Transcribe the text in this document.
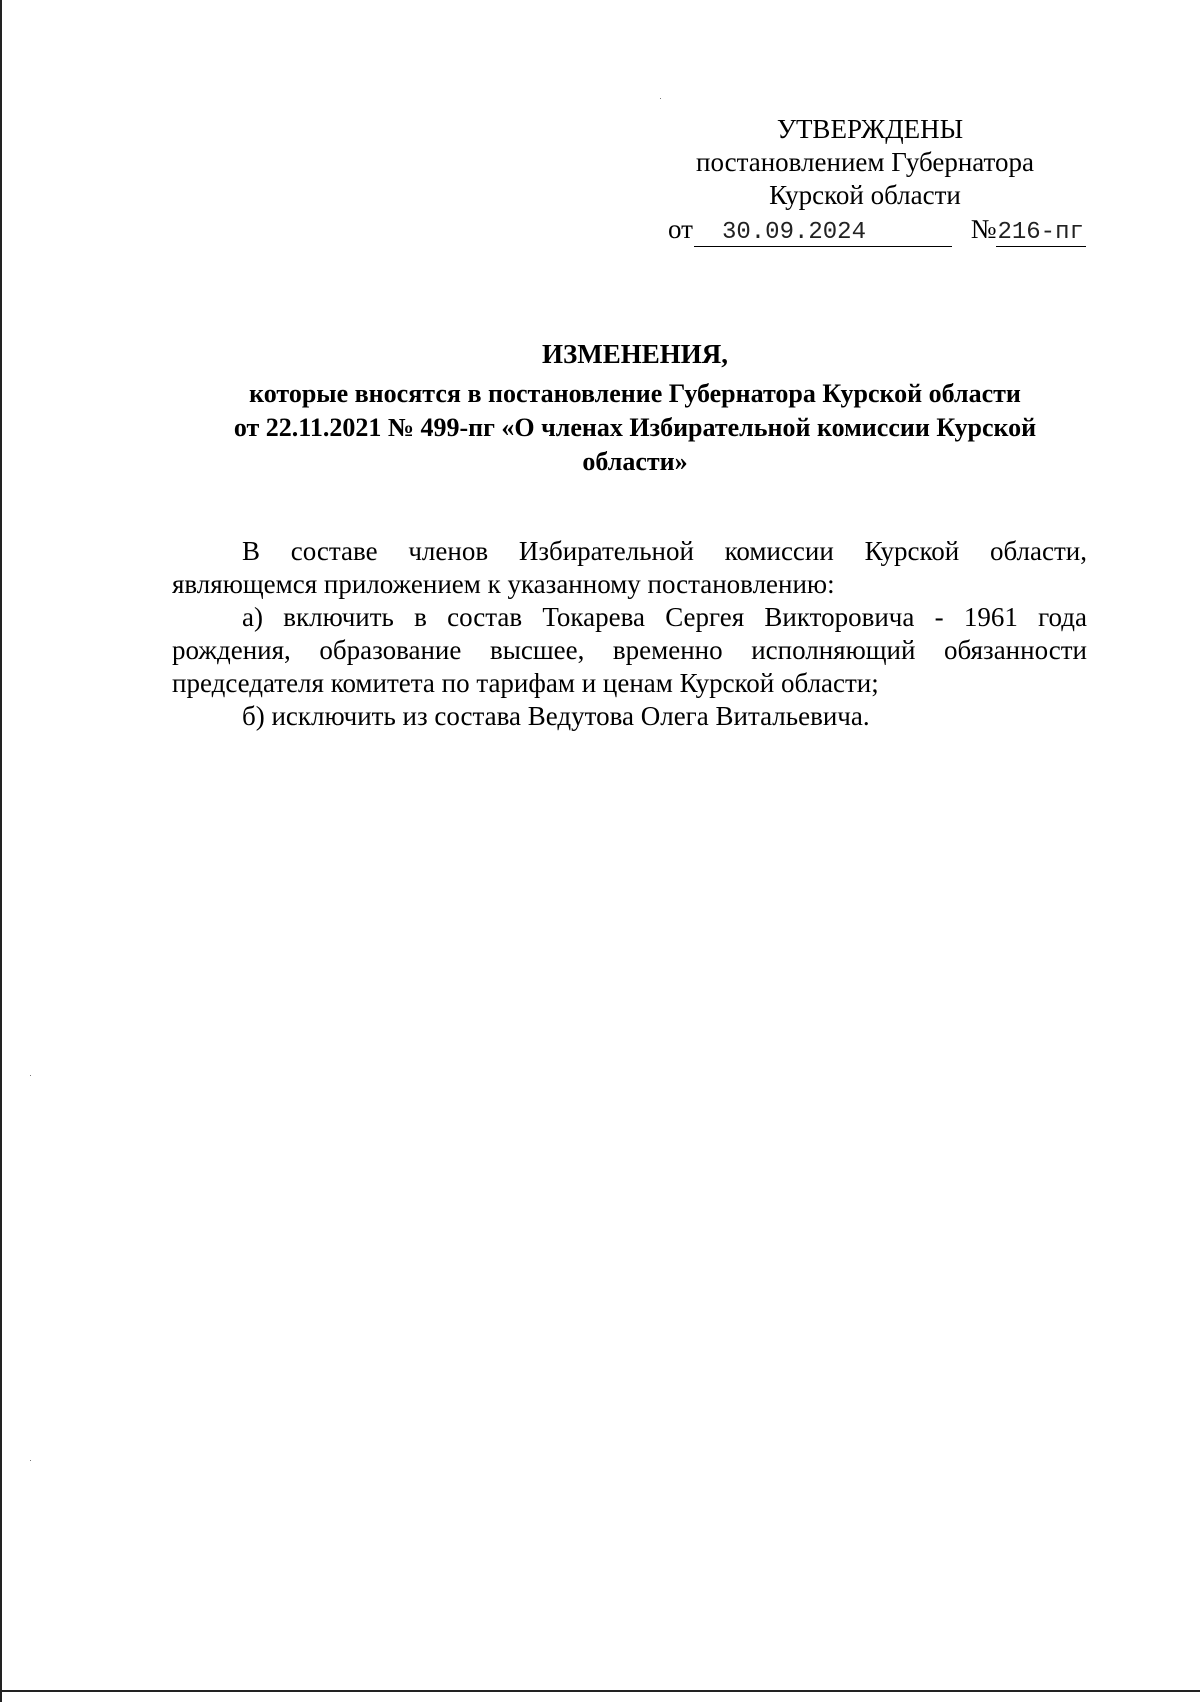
УТВЕРЖДЕНЫ
постановлением Губернатора
Курской области
от 30.09.2024	№216-пг
ИЗМЕНЕНИЯ,
которые вносятся в постановление Губернатора Курской области
от 22.11.2021 № 499-пг «О членах Избирательной комиссии Курской
области»

В составе членов Избирательной комиссии Курской области, являющемся приложением к указанному постановлению:

а) включить в состав Токарева Сергея Викторовича - 1961 года рождения, образование высшее, временно исполняющий обязанности председателя комитета по тарифам и ценам Курской области;

б) исключить из состава Ведутова Олега Витальевича.
